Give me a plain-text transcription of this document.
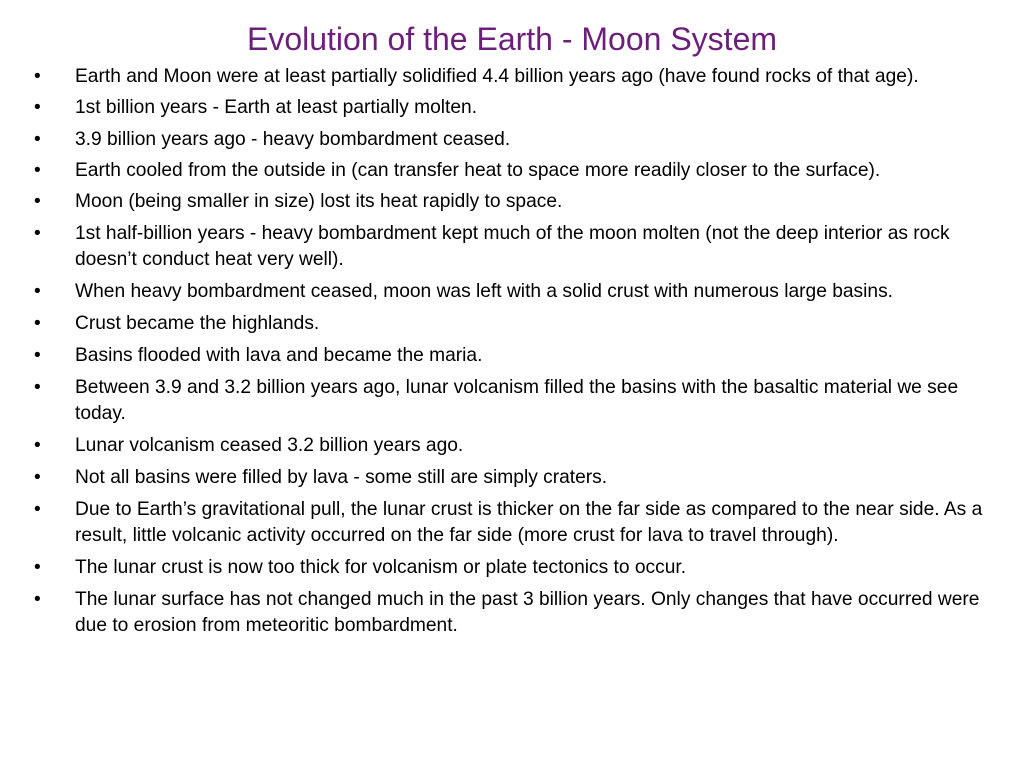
Evolution of the Earth - Moon System
• Earth and Moon were at least partially solidified 4.4 billion years ago (have found rocks of that age).
• 1st billion years - Earth at least partially molten.
• 3.9 billion years ago - heavy bombardment ceased.
• Earth cooled from the outside in (can transfer heat to space more readily closer to the surface).
• Moon (being smaller in size) lost its heat rapidly to space.
• 1st half-billion years - heavy bombardment kept much of the moon molten (not the deep interior as rock doesn’t conduct heat very well).
• When heavy bombardment ceased, moon was left with a solid crust with numerous large basins.
• Crust became the highlands.
• Basins flooded with lava and became the maria.
• Between 3.9 and 3.2 billion years ago, lunar volcanism filled the basins with the basaltic material we see today.
• Lunar volcanism ceased 3.2 billion years ago.
• Not all basins were filled by lava - some still are simply craters.
• Due to Earth’s gravitational pull, the lunar crust is thicker on the far side as compared to the near side. As a result, little volcanic activity occurred on the far side (more crust for lava to travel through).
• The lunar crust is now too thick for volcanism or plate tectonics to occur.
• The lunar surface has not changed much in the past 3 billion years. Only changes that have occurred were due to erosion from meteoritic bombardment.
